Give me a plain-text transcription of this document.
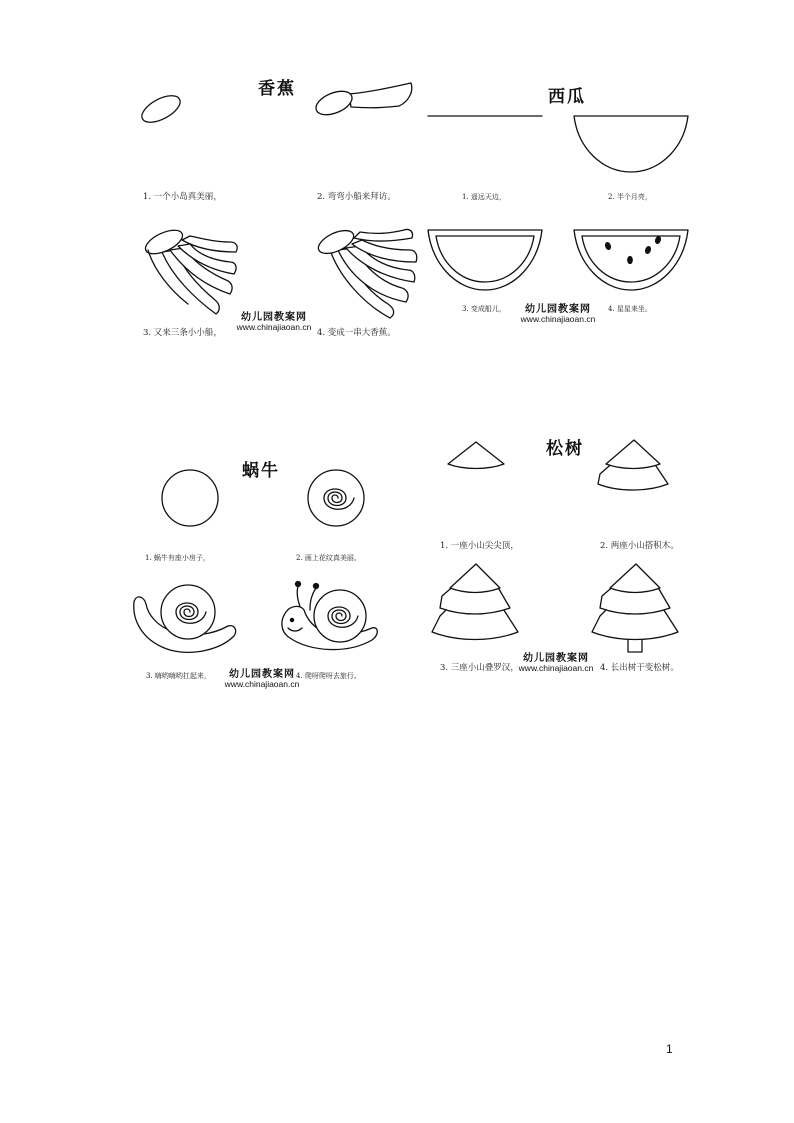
香蕉
1. 一个小岛真美丽，	2. 弯弯小船来拜访。
3. 又来三条小小船，	4. 变成一串大香蕉。
幼儿园教案网
www.chinajiaoan.cn
西瓜
1. 遥远天边，	2. 半个月亮，
3. 变成船儿，	4. 星星来坐。
幼儿园教案网
www.chinajiaoan.cn
蜗牛
1. 蜗牛有座小房子，	2. 画上花纹真美丽。
3. 嗨哟嗨哟扛起来，	4. 爬呀爬呀去旅行。
幼儿园教案网
www.chinajiaoan.cn
松树
1. 一座小山尖尖顶，	2. 两座小山搭积木。
3. 三座小山叠罗汉，	4. 长出树干变松树。
幼儿园教案网
www.chinajiaoan.cn
1
